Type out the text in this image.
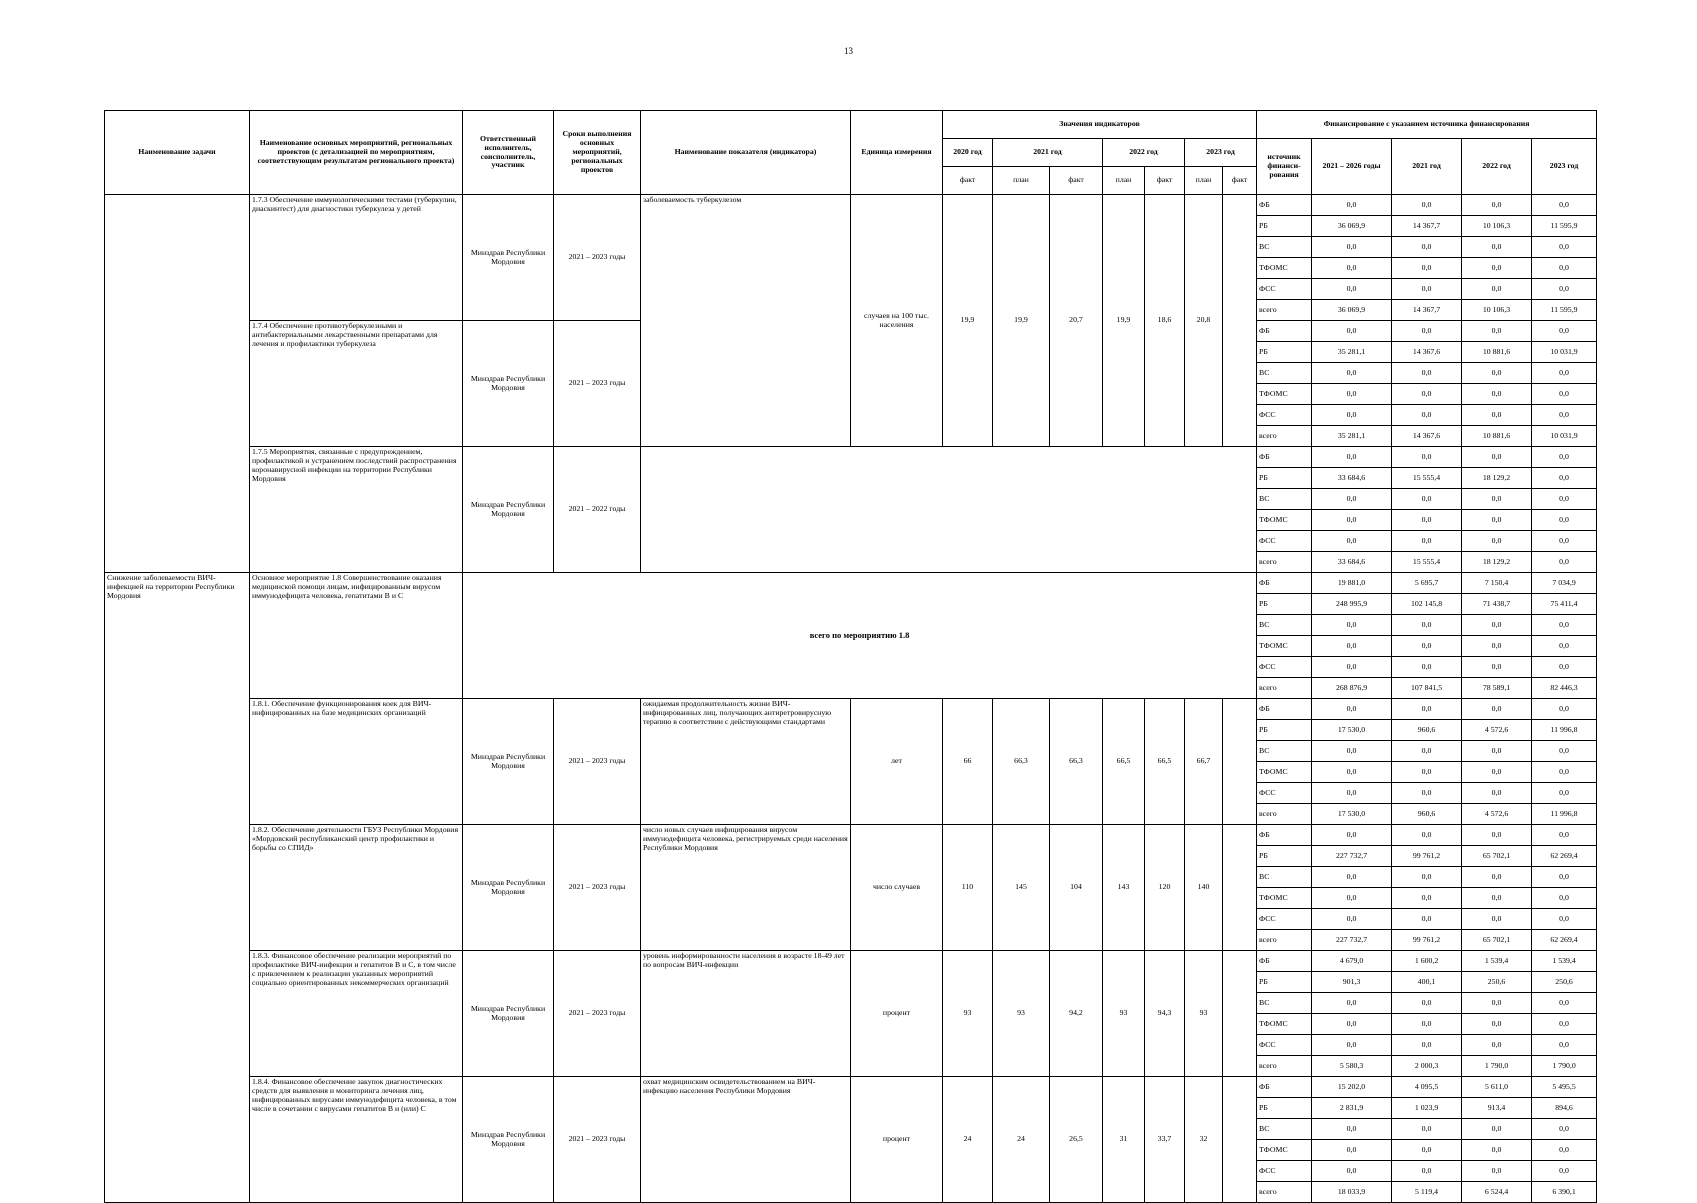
13
Наименование задачи	Наименование основных мероприятий, региональных проектов (с детализацией по мероприятиям, соответствующим результатам регионального проекта)	Ответственный исполнитель, соисполнитель, участник	Сроки выполнения основных мероприятий, региональных проектов	Наименование показателя (индикатора)	Единица измерения	Значения индикаторов							Финансирование с указанием источника финансирования				
						2020 год	2021 год		2022 год		2023 год		источник финанси-рования	2021 – 2026 годы	2021 год	2022 год	2023 год
						факт	план	факт	план	факт	план	факт					
	1.7.3 Обеспечение иммунологическими тестами (туберкулин, диаскинтест) для диагностики туберкулеза у детей	Минздрав Республики Мордовия	2021 – 2023 годы	заболеваемость туберкулезом	случаев на 100 тыс. населения	19,9	19,9	20,7	19,9	18,6	20,8		ФБ	0,0	0,0	0,0	0,0
													РБ	36 069,9	14 367,7	10 106,3	11 595,9
													ВС	0,0	0,0	0,0	0,0
													ТФОМС	0,0	0,0	0,0	0,0
													ФСС	0,0	0,0	0,0	0,0
													всего	36 069,9	14 367,7	10 106,3	11 595,9
	1.7.4 Обеспечение противотуберкулезными и антибактериальными лекарственными препаратами для лечения и профилактики туберкулеза	Минздрав Республики Мордовия	2021 – 2023 годы										ФБ	0,0	0,0	0,0	0,0
													РБ	35 281,1	14 367,6	10 881,6	10 031,9
													ВС	0,0	0,0	0,0	0,0
													ТФОМС	0,0	0,0	0,0	0,0
													ФСС	0,0	0,0	0,0	0,0
													всего	35 281,1	14 367,6	10 881,6	10 031,9
	1.7.5 Мероприятия, связанные с предупреждением, профилактикой и устранением последствий распространения коронавирусной инфекции на территории Республики Мордовия	Минздрав Республики Мордовия	2021 – 2022 годы										ФБ	0,0	0,0	0,0	0,0
													РБ	33 684,6	15 555,4	18 129,2	0,0
													ВС	0,0	0,0	0,0	0,0
													ТФОМС	0,0	0,0	0,0	0,0
													ФСС	0,0	0,0	0,0	0,0
													всего	33 684,6	15 555,4	18 129,2	0,0
Снижение заболеваемости ВИЧ-инфекцией на территории Республики Мордовия	Основное мероприятие 1.8 Совершенствование оказания медицинской помощи лицам, инфицированным вирусом иммунодефицита человека, гепатитами B и C	всего по мероприятию 1.8											ФБ	19 881,0	5 695,7	7 150,4	7 034,9
													РБ	248 995,9	102 145,8	71 438,7	75 411,4
													ВС	0,0	0,0	0,0	0,0
													ТФОМС	0,0	0,0	0,0	0,0
													ФСС	0,0	0,0	0,0	0,0
													всего	268 876,9	107 841,5	78 589,1	82 446,3
	1.8.1. Обеспечение функционирования коек для ВИЧ-инфицированных на базе медицинских организаций	Минздрав Республики Мордовия	2021 – 2023 годы	ожидаемая продолжительность жизни ВИЧ-инфицированных лиц, получающих антиретровирусную терапию в соответствии с действующими стандартами	лет	66	66,3	66,3	66,5	66,5	66,7		ФБ	0,0	0,0	0,0	0,0
													РБ	17 530,0	960,6	4 572,6	11 996,8
													ВС	0,0	0,0	0,0	0,0
													ТФОМС	0,0	0,0	0,0	0,0
													ФСС	0,0	0,0	0,0	0,0
													всего	17 530,0	960,6	4 572,6	11 996,8
	1.8.2. Обеспечение деятельности ГБУЗ Республики Мордовия «Мордовский республиканский центр профилактики и борьбы со СПИД»	Минздрав Республики Мордовия	2021 – 2023 годы	число новых случаев инфицирования вирусом иммунодефицита человека, регистрируемых среди населения Республики Мордовия	число случаев	110	145	104	143	120	140		ФБ	0,0	0,0	0,0	0,0
													РБ	227 732,7	99 761,2	65 702,1	62 269,4
													ВС	0,0	0,0	0,0	0,0
													ТФОМС	0,0	0,0	0,0	0,0
													ФСС	0,0	0,0	0,0	0,0
													всего	227 732,7	99 761,2	65 702,1	62 269,4
	1.8.3. Финансовое обеспечение реализации мероприятий по профилактике ВИЧ-инфекции и гепатитов B и C, в том числе с привлечением к реализации указанных мероприятий социально ориентированных некоммерческих организаций	Минздрав Республики Мордовия	2021 – 2023 годы	уровень информированности населения в возрасте 18-49 лет по вопросам ВИЧ-инфекции	процент	93	93	94,2	93	94,3	93		ФБ	4 679,0	1 600,2	1 539,4	1 539,4
													РБ	901,3	400,1	250,6	250,6
													ВС	0,0	0,0	0,0	0,0
													ТФОМС	0,0	0,0	0,0	0,0
													ФСС	0,0	0,0	0,0	0,0
													всего	5 580,3	2 000,3	1 790,0	1 790,0
	1.8.4. Финансовое обеспечение закупок диагностических средств для выявления и мониторинга лечения лиц, инфицированных вирусами иммунодефицита человека, в том числе в сочетании с вирусами гепатитов B и (или) C	Минздрав Республики Мордовия	2021 – 2023 годы	охват медицинским освидетельствованием на ВИЧ-инфекцию населения Республики Мордовия	процент	24	24	26,5	31	33,7	32		ФБ	15 202,0	4 095,5	5 611,0	5 495,5
													РБ	2 831,9	1 023,9	913,4	894,6
													ВС	0,0	0,0	0,0	0,0
													ТФОМС	0,0	0,0	0,0	0,0
													ФСС	0,0	0,0	0,0	0,0
													всего	18 033,9	5 119,4	6 524,4	6 390,1
